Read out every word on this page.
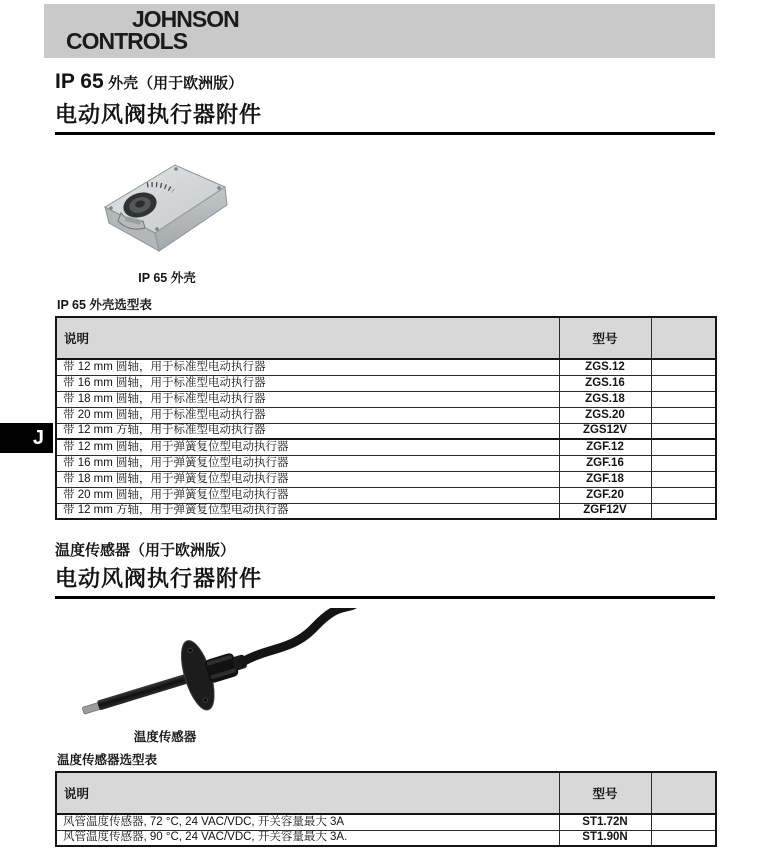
JOHNSON
CONTROLS
J
IP 65 外壳（用于欧洲版）
电动风阀执行器附件
IP 65 外壳
IP 65 外壳选型表
说明	型号	
带 12 mm 圆轴，用于标准型电动执行器	ZGS.12	
带 16 mm 圆轴，用于标准型电动执行器	ZGS.16	
带 18 mm 圆轴，用于标准型电动执行器	ZGS.18	
带 20 mm 圆轴，用于标准型电动执行器	ZGS.20	
带 12 mm 方轴，用于标准型电动执行器	ZGS12V	
带 12 mm 圆轴，用于弹簧复位型电动执行器	ZGF.12	
带 16 mm 圆轴，用于弹簧复位型电动执行器	ZGF.16	
带 18 mm 圆轴，用于弹簧复位型电动执行器	ZGF.18	
带 20 mm 圆轴，用于弹簧复位型电动执行器	ZGF.20	
带 12 mm 方轴，用于弹簧复位型电动执行器	ZGF12V	
温度传感器（用于欧洲版）
电动风阀执行器附件
温度传感器
温度传感器选型表
说明	型号	
风管温度传感器, 72 °C, 24 VAC/VDC, 开关容量最大 3A	ST1.72N	
风管温度传感器, 90 °C, 24 VAC/VDC, 开关容量最大 3A.	ST1.90N	
